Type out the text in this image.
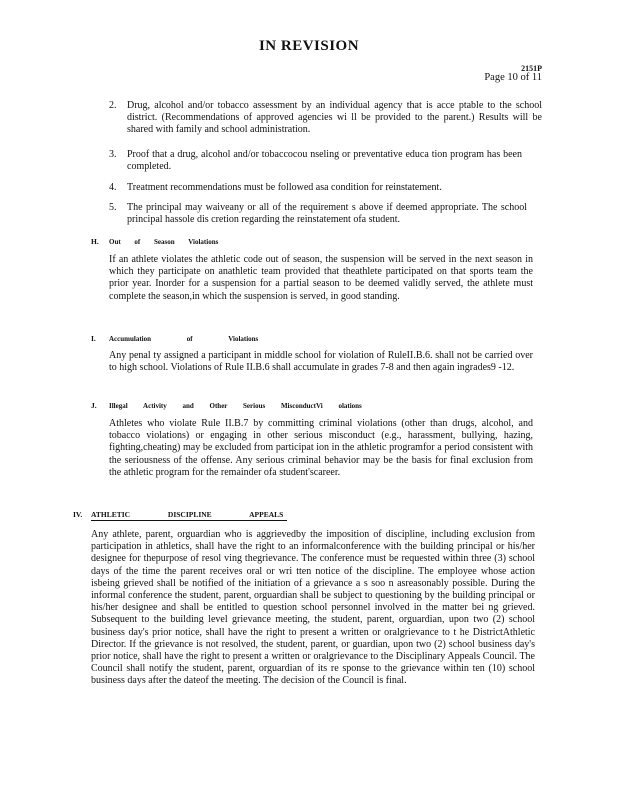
IN REVISION
2151P
Page 10 of 11
2. Drug, alcohol and/or tobacco assessment by an individual agency that is acce ptable to the school district. (Recommendations of approved agencies wi ll be provided to the parent.) Results will be shared with family and school administration.
3. Proof that a drug, alcohol and/or tobaccocou nseling or preventative educa tion program has been completed.
4. Treatment recommendations must be followed asa condition for reinstatement.
5. The principal may waiveany or all of the requirement s above if deemed appropriate. The school principal hassole dis cretion regarding the reinstatement ofa student.
H. Out of Season Violations
If an athlete violates the athletic code out of season, the suspension will be served in the next season in which they participate on anathletic team provided that theathlete participated on that sports team the prior year. Inorder for a suspension for a partial season to be deemed validly served, the athlete must complete the season,in which the suspension is served, in good standing.
I. Accumulation of Violations
Any penal ty assigned a participant in middle school for violation of RuleII.B.6. shall not be carried over to high school. Violations of Rule II.B.6 shall accumulate in grades 7-8 and then again ingrades9 -12.
J. Illegal Activity and Other Serious MisconductVi olations
Athletes who violate Rule II.B.7 by committing criminal violations (other than drugs, alcohol, and tobacco violations) or engaging in other serious misconduct (e.g., harassment, bullying, hazing, fighting,cheating) may be excluded from participat ion in the athletic programfor a period consistent with the seriousness of the offense. Any serious criminal behavior may be the basis for final exclusion from the athletic program for the remainder ofa student'scareer.
IV. ATHLETIC DISCIPLINE APPEALS
Any athlete, parent, orguardian who is aggrievedby the imposition of discipline, including exclusion from participation in athletics, shall have the right to an informalconference with the building principal or his/her designee for thepurpose of resol ving thegrievance. The conference must be requested within three (3) school days of the time the parent receives oral or wri tten notice of the discipline. The employee whose action isbeing grieved shall be notified of the initiation of a grievance a s soo n asreasonably possible. During the informal conference the student, parent, orguardian shall be subject to questioning by the building principal or his/her designee and shall be entitled to question school personnel involved in the matter bei ng grieved. Subsequent to the building level grievance meeting, the student, parent, orguardian, upon two (2) school business day's prior notice, shall have the right to present a written or oralgrievance to t he DistrictAthletic Director. If the grievance is not resolved, the student, parent, or guardian, upon two (2) school business day's prior notice, shall have the right to present a written or oralgrievance to the Disciplinary Appeals Council. The Council shall notify the student, parent, orguardian of its re sponse to the grievance within ten (10) school business days after the dateof the meeting. The decision of the Council is final.
